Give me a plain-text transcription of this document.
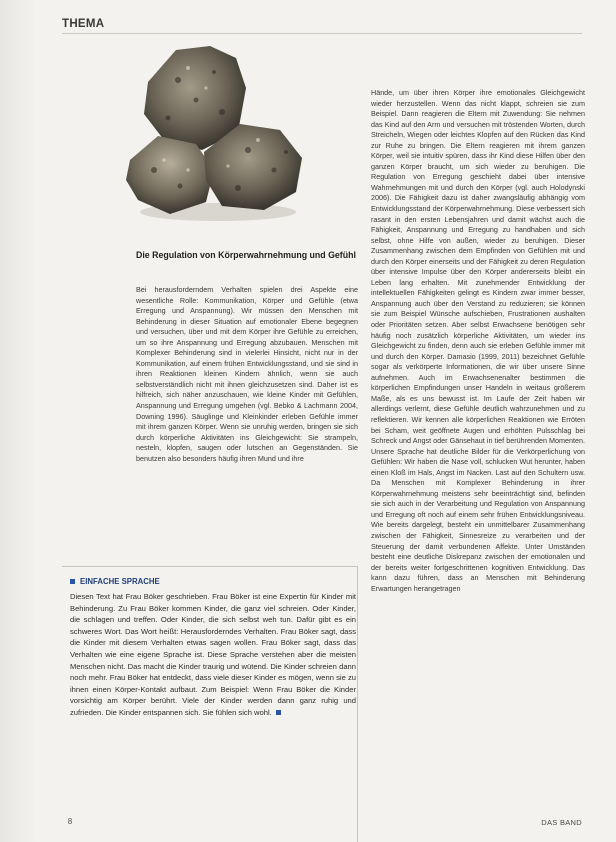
THEMA
Die Regulation von Körperwahrnehmung und Gefühl

Bei herausforderndem Verhalten spielen drei Aspekte eine wesentliche Rolle: Kommunikation, Körper und Gefühle (etwa Erregung und Anspannung). Wir müssen den Menschen mit Behinderung in dieser Situation auf emotionaler Ebene begegnen und versuchen, über und mit dem Körper ihre Gefühle zu erreichen, um so ihre Anspannung und Erregung abzubauen. Menschen mit Komplexer Behinderung sind in vielerlei Hinsicht, nicht nur in der Kommunikation, auf einem frühen Entwicklungsstand, und sie sind in ihren Reaktionen kleinen Kindern ähnlich, wenn sie auch selbstverständlich nicht mit ihnen gleichzusetzen sind. Daher ist es hilfreich, sich näher anzuschauen, wie kleine Kinder mit Gefühlen, Anspannung und Erregung umgehen (vgl. Bebko & Lachmann 2004, Downing 1996). Säuglinge und Kleinkinder erleben Gefühle immer mit ihrem ganzen Körper. Wenn sie unruhig werden, bringen sie sich durch körperliche Aktivitäten ins Gleichgewicht: Sie strampeln, nesteln, klopfen, saugen oder lutschen an Gegenständen. Sie benutzen also besonders häufig ihren Mund und ihre

Hände, um über ihren Körper ihre emotionales Gleichgewicht wieder herzustellen. Wenn das nicht klappt, schreien sie zum Beispiel. Dann reagieren die Eltern mit Zuwendung: Sie nehmen das Kind auf den Arm und versuchen mit tröstenden Worten, durch Streicheln, Wiegen oder leichtes Klopfen auf den Rücken das Kind zur Ruhe zu bringen. Die Eltern reagieren mit ihrem ganzen Körper, weil sie intuitiv spüren, dass ihr Kind diese Hilfen über den ganzen Körper braucht, um sich wieder zu beruhigen. Die Regulation von Erregung geschieht dabei über intensive Wahrnehmungen mit und durch den Körper (vgl. auch Holodynski 2006). Die Fähigkeit dazu ist daher zwangsläufig abhängig vom Entwicklungsstand der Körperwahrnehmung. Diese verbessert sich rasant in den ersten Lebensjahren und damit wächst auch die Fähigkeit, Anspannung und Erregung zu handhaben und sich selbst, ohne Hilfe von außen, wieder zu beruhigen. Dieser Zusammenhang zwischen dem Empfinden von Gefühlen mit und durch den Körper einerseits und der Fähigkeit zu deren Regulation über intensive Impulse über den Körper andererseits bleibt ein Leben lang erhalten. Mit zunehmender Entwicklung der intellektuellen Fähigkeiten gelingt es Kindern zwar immer besser, Anspannung auch über den Verstand zu reduzieren; sie können sie zum Beispiel Wünsche aufschieben, Frustrationen aushalten oder Prioritäten setzen. Aber selbst Erwachsene benötigen sehr häufig noch zusätzlich körperliche Aktivitäten, um wieder ins Gleichgewicht zu finden, denn auch sie erleben Gefühle immer mit und durch den Körper. Damasio (1999, 2011) bezeichnet Gefühle sogar als verkörperte Informationen, die wir über unsere Sinne aufnehmen. Auch im Erwachsenenalter bestimmen die körperlichen Empfindungen unser Handeln in weitaus größerem Maße, als es uns bewusst ist. Im Laufe der Zeit haben wir allerdings verlernt, diese Gefühle deutlich wahrzunehmen und zu reflektieren. Wir kennen alle körperlichen Reaktionen wie Erröten bei Scham, weit geöffnete Augen und erhöhten Pulsschlag bei Schreck und Angst oder Gänsehaut in tief berührenden Momenten. Unsere Sprache hat deutliche Bilder für die Verkörperlichung von Gefühlen: Wir haben die Nase voll, schlucken Wut herunter, haben einen Kloß im Hals, Angst im Nacken. Last auf den Schultern usw. Da Menschen mit Komplexer Behinderung in ihrer Körperwahrnehmung meistens sehr beeinträchtigt sind, befinden sie sich auch in der Verarbeitung und Regulation von Anspannung und Erregung oft noch auf einem sehr frühen Entwicklungsniveau. Wie bereits dargelegt, besteht ein unmittelbarer Zusammenhang zwischen der Fähigkeit, Sinnesreize zu verarbeiten und der Steuerung der damit verbundenen Affekte. Unter Umständen besteht eine deutliche Diskrepanz zwischen der emotionalen und der bereits weiter fortgeschrittenen kognitiven Entwicklung. Das kann dazu führen, dass an Menschen mit Behinderung Erwartungen herangetragen

EINFACHE SPRACHE
Diesen Text hat Frau Böker geschrieben. Frau Böker ist eine Expertin für Kinder mit Behinderung. Zu Frau Böker kommen Kinder, die ganz viel schreien. Oder Kinder, die schlagen und treffen. Oder Kinder, die sich selbst weh tun. Dafür gibt es ein schweres Wort. Das Wort heißt: Herausforderndes Verhalten. Frau Böker sagt, dass die Kinder mit diesem Verhalten etwas sagen wollen. Frau Böker sagt, dass das Verhalten wie eine eigene Sprache ist. Diese Sprache verstehen aber die meisten Menschen nicht. Das macht die Kinder traurig und wütend. Die Kinder schreien dann noch mehr. Frau Böker hat entdeckt, dass viele dieser Kinder es mögen, wenn sie zu ihnen einen Körper-Kontakt aufbaut. Zum Beispiel: Wenn Frau Böker die Kinder vorsichtig am Körper berührt. Viele der Kinder werden dann ganz ruhig und zufrieden. Die Kinder entspannen sich. Sie fühlen sich wohl.
8	DAS BAND
